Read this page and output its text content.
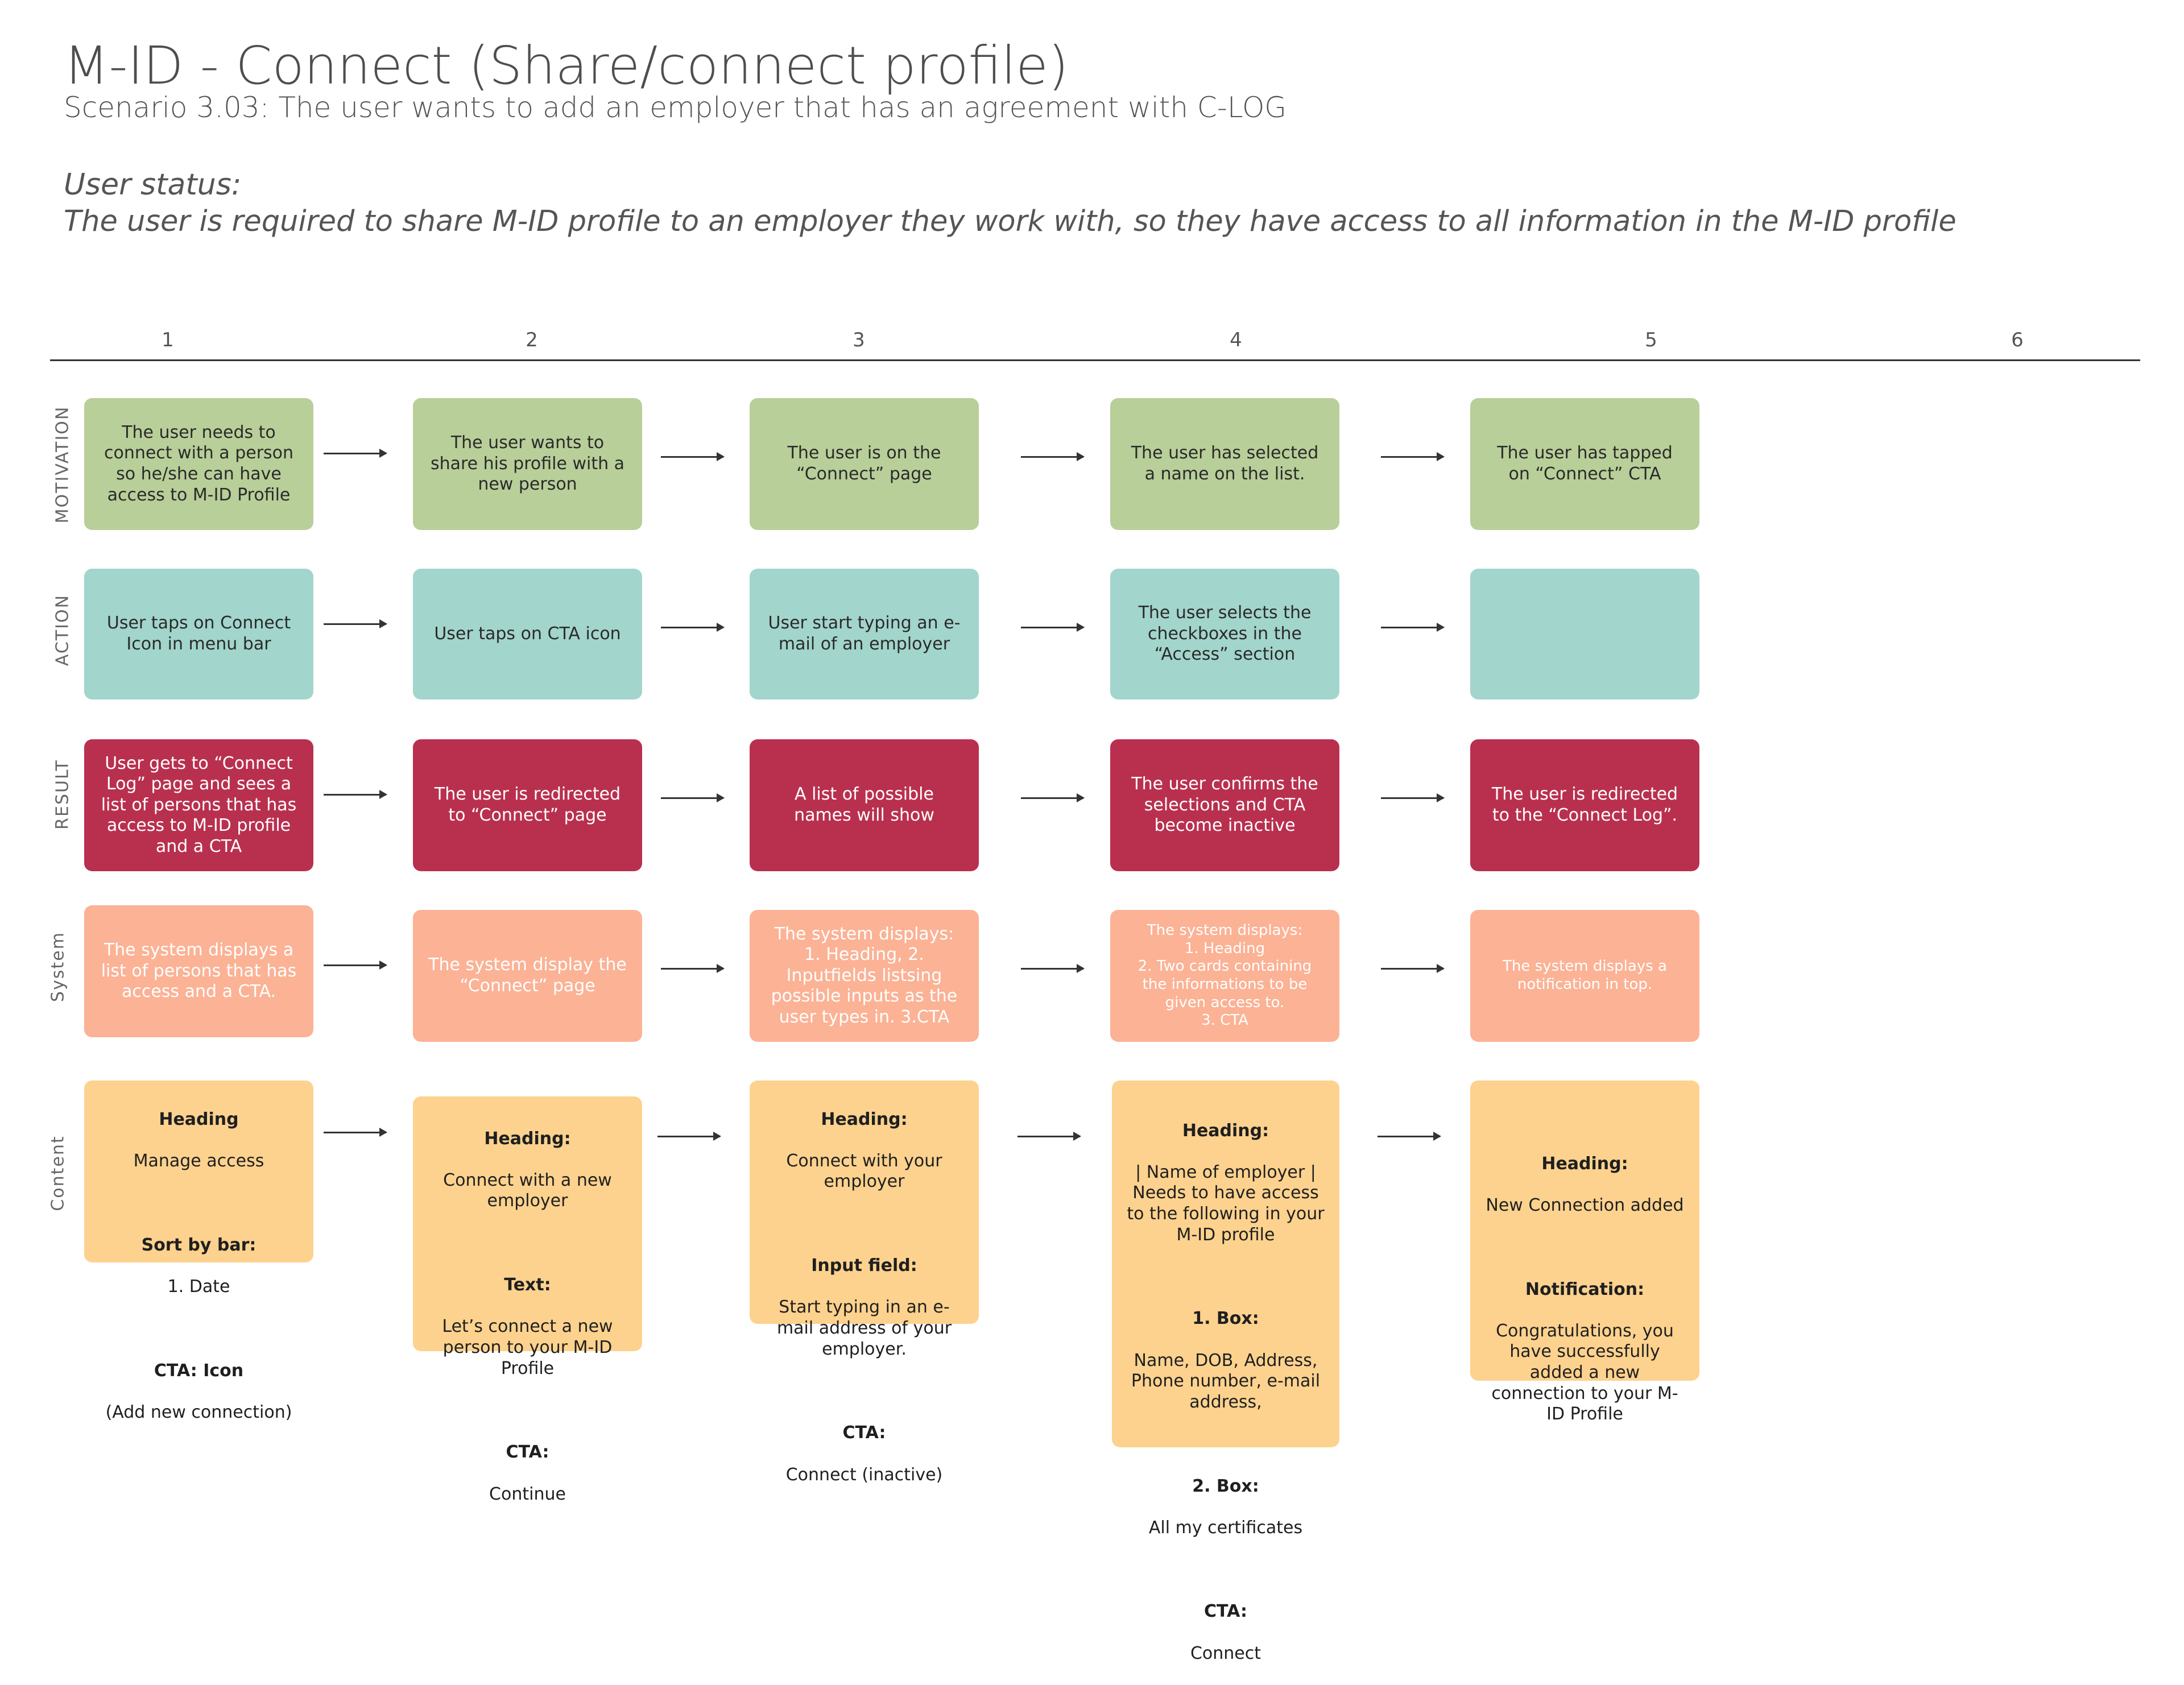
M-ID - Connect (Share/connect profile)
Scenario 3.03: The user wants to add an employer that has an agreement with C-LOG
User status:
The user is required to share M-ID profile to an employer they work with, so they have access to all information in the M-ID profile
1	2	3	4	5	6
MOTIVATION
ACTION
RESULT
System
Content
The user needs to connect with a person so he/she can have access to M-ID Profile
The user wants to share his profile with a new person
The user is on the “Connect” page
The user has selected a name on the list.
The user has tapped on “Connect” CTA
User taps on Connect Icon in menu bar
User taps on CTA icon
User start typing an e-mail of an employer
The user selects the checkboxes in the “Access” section
User gets to “Connect Log” page and sees a list of persons that has access to M-ID profile and a CTA
The user is redirected to “Connect” page
A list of possible names will show
The user confirms the selections and CTA become inactive
The user is redirected to the “Connect Log”.
The system displays a list of persons that has access and a CTA.
The system display the “Connect” page
The system displays:
1. Heading, 2. Inputfields listsing possible inputs as the user types in. 3.CTA
The system displays:
1. Heading
2. Two cards containing the informations to be given access to.
3. CTA
The system displays a notification in top.

Heading

Manage access

Sort by bar:

1. Date

CTA: Icon

(Add new connection)

Heading:

Connect with a new employer

Text:

Let’s connect a new person to your M-ID Profile

CTA:

Continue

Heading:

Connect with your employer

Input field:

Start typing in an e-mail address of your employer.

CTA:

Connect (inactive)

Heading:

| Name of employer | Needs to have access to the following in your M-ID profile

1. Box:

Name, DOB, Address, Phone number, e-mail address,

2. Box:

All my certificates

CTA:

Connect

Heading:

New Connection added

Notification:

Congratulations, you have successfully added a new connection to your M-ID Profile
